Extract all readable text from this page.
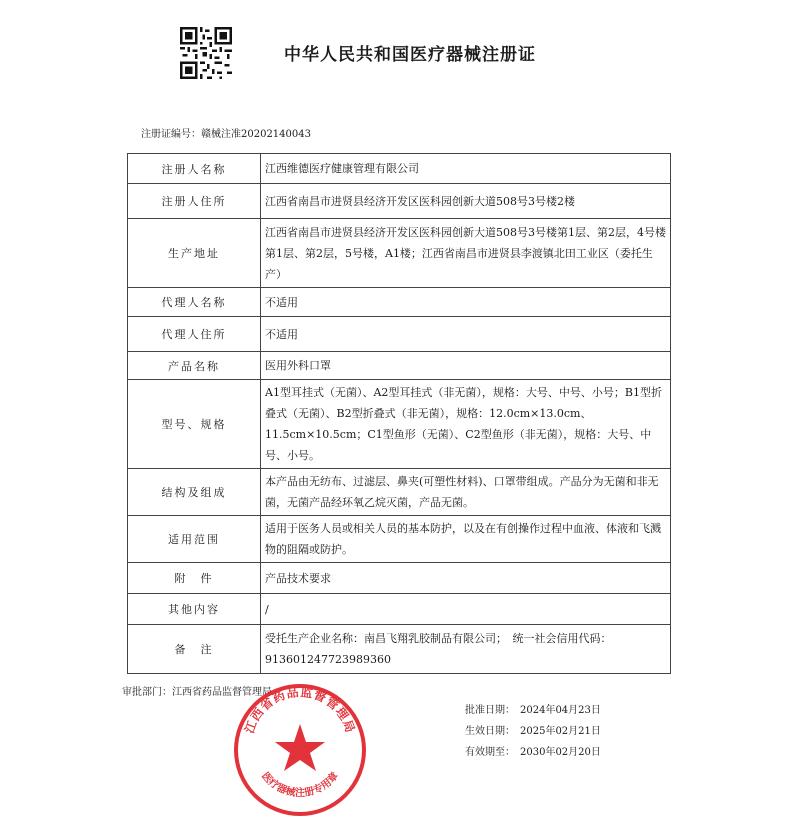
中华人民共和国医疗器械注册证
注册证编号：赣械注准20202140043
注册人名称	江西维德医疗健康管理有限公司
注册人住所	江西省南昌市进贤县经济开发区医科园创新大道508号3号楼2楼
生产地址	江西省南昌市进贤县经济开发区医科园创新大道508号3号楼第1层、第2层，4号楼第1层、第2层，5号楼，A1楼；江西省南昌市进贤县李渡镇北田工业区（委托生产）
代理人名称	不适用
代理人住所	不适用
产品名称	医用外科口罩
型号、规格	A1型耳挂式（无菌）、A2型耳挂式（非无菌），规格：大号、中号、小号；B1型折叠式（无菌）、B2型折叠式（非无菌），规格：12.0cm×13.0cm、11.5cm×10.5cm；C1型鱼形（无菌）、C2型鱼形（非无菌），规格：大号、中号、小号。
结构及组成	本产品由无纺布、过滤层、鼻夹(可塑性材料)、口罩带组成。产品分为无菌和非无菌，无菌产品经环氧乙烷灭菌，产品无菌。
适用范围	适用于医务人员或相关人员的基本防护，以及在有创操作过程中血液、体液和飞溅物的阻隔或防护。
附　件	产品技术要求
其他内容	/
备　注	受托生产企业名称：南昌飞翔乳胶制品有限公司；　统一社会信用代码：913601247723989360
审批部门：江西省药品监督管理局
批准日期：　2024年04月23日
生效日期：　2025年02月21日
有效期至：　2030年02月20日
江西省药品监督管理局
医疗器械注册专用章
